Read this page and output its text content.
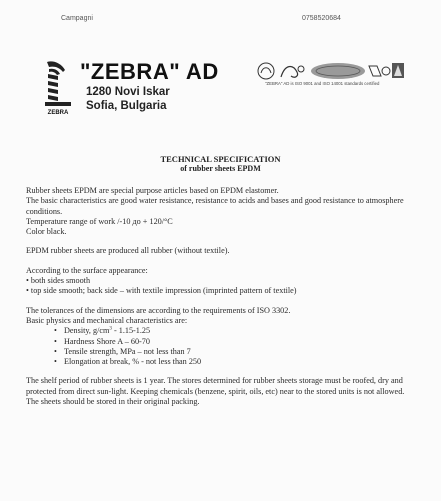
Campagni	0758520684
ZEBRA
"ZEBRA" AD
1280 Novi Iskar
Sofia, Bulgaria
"ZEBRA" AD is ISO 9001 and ISO 14001 standards certified
TECHNICAL SPECIFICATION
of rubber sheets EPDM

Rubber sheets EPDM are special purpose articles based on EPDM elastomer.

The basic characteristics are good water resistance, resistance to acids and bases and good resistance to atmosphere conditions.

Temperature range of work /-10 до + 120/°C

Color black.

EPDM rubber sheets are produced all rubber (without textile).

According to the surface appearance:

• both sides smooth
• top side smooth; back side – with textile impression (imprinted pattern of textile)

The tolerances of the dimensions are according to the requirements of ISO 3302.

Basic physics and mechanical characteristics are:

• Density, $g/cm^3 - 1.15-1.25$
• Hardness Shore A – 60-70
• Tensile strength, MPa – not less than 7
• Elongation at break, % - not less than 250

The shelf period of rubber sheets is 1 year. The stores determined for rubber sheets storage must be roofed, dry and protected from direct sun-light. Keeping chemicals (benzene, spirit, oils, etc) near to the stored units is not allowed. The sheets should be stored in their original packing.
